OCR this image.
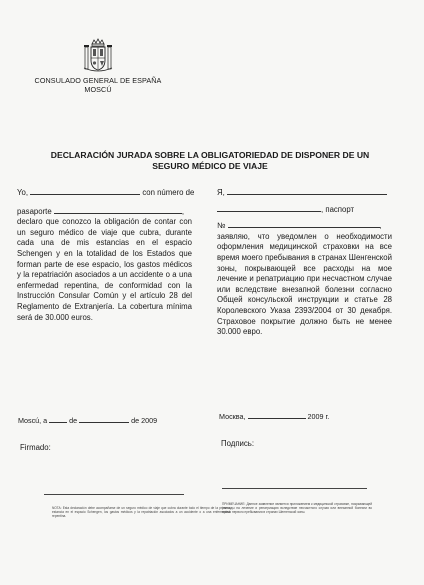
CONSULADO GENERAL DE ESPAÑA
MOSCÚ
DECLARACIÓN JURADA SOBRE LA OBLIGATORIEDAD DE DISPONER DE UN
SEGURO MÉDICO DE VIAJE
Yo,	con número de
pasaporte	,
declaro que conozco la obligación de contar con un seguro médico de viaje que cubra, durante cada una de mis estancias en el espacio Schengen y en la totalidad de los Estados que forman parte de ese espacio, los gastos médicos y la repatriación asociados a un accidente o a una enfermedad repentina, de conformidad con la Instrucción Consular Común y el artículo 28 del Reglamento de Extranjería. La cobertura mínima será de 30.000 euros.
Я,
, паспорт
№	,
заявляю, что уведомлен о необходимости оформления медицинской страховки на все время моего пребывания в странах Шенгенской зоны, покрывающей все расходы на мое лечение и репатриацию при несчастном случае или вследствие внезапной болезни согласно Общей консульской инструкции и статье 28 Королевского Указа 2393/2004 от 30 декабря. Страховое покрытие должно быть не менее 30.000 евро.
Moscú, a	de	de 2009	Москва,	2009 г.
Firmado:	Подпись:
NOTA: Esta declaración debe acompañarse de un seguro médico de viaje que cubra durante todo el tiempo de la primera estancia en el espacio Schengen, los gastos médicos y la repatriación asociados a un accidente o a una enfermedad repentina.
ПРИМЕЧАНИЕ: Данное заявление является приложением к медицинской страховке, покрывающей расходы на лечение и репатриацию вследствие несчастного случая или внезапной болезни во время первого пребывания в странах Шенгенской зоны.
